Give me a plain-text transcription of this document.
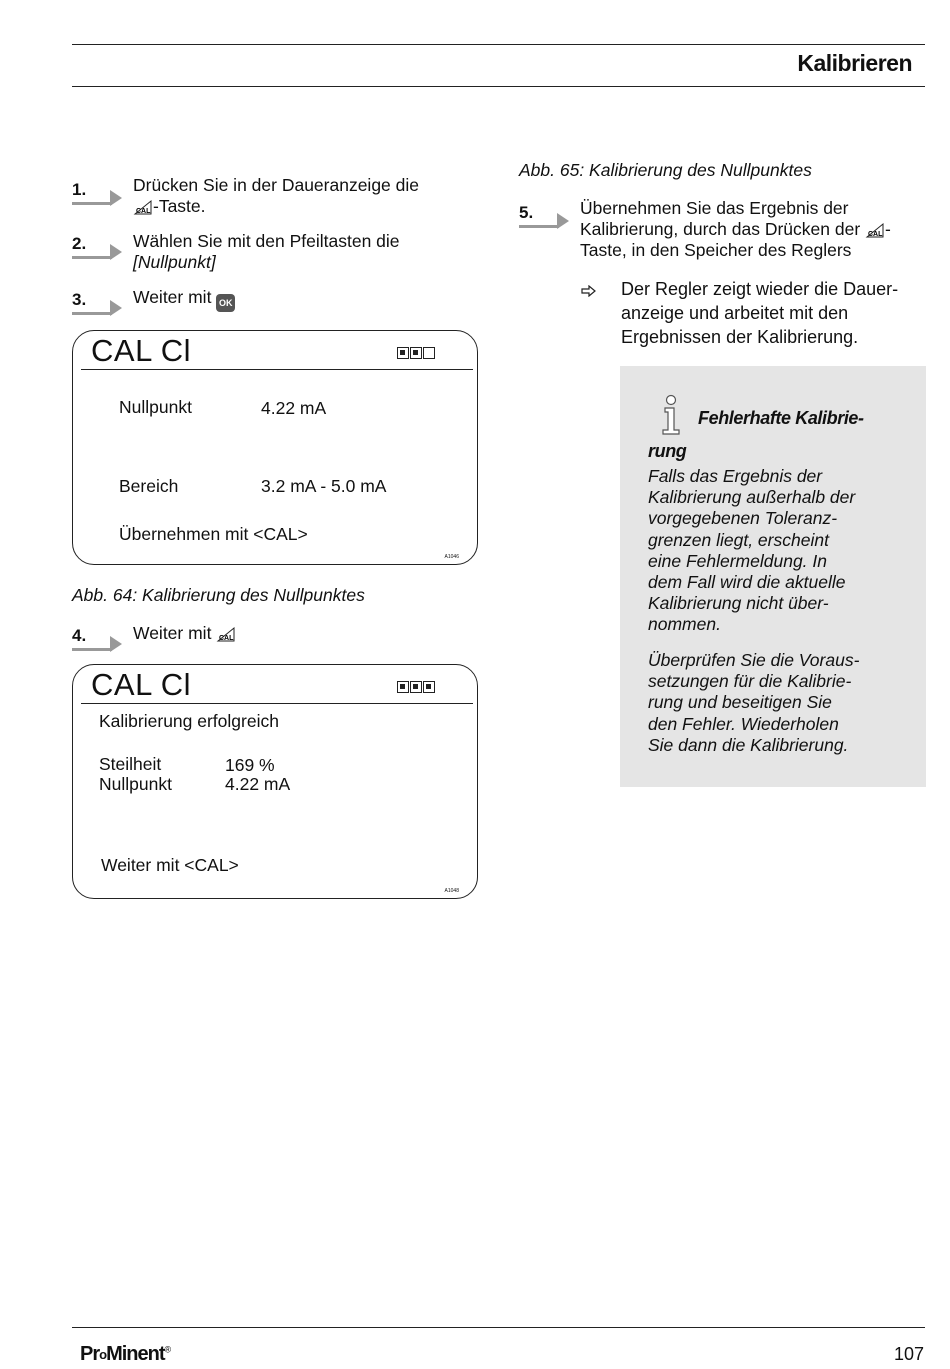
Kalibrieren
1.	Drücken Sie in der Daueranzeige die

CAL -Taste.
2.	Wählen Sie mit den Pfeiltasten die
[Nullpunkt]
3.	Weiter mit OK
CAL Cl
Nullpunkt	4.22 mA
Bereich	3.2 mA - 5.0 mA
Übernehmen mit <CAL>
A1046
Abb. 64: Kalibrierung des Nullpunktes
4.	Weiter mit CAL
CAL Cl
Kalibrierung erfolgreich
Steilheit	169 %
Nullpunkt	4.22 mA
Weiter mit <CAL>
A1048
Abb. 65: Kalibrierung des Nullpunktes
5.	Übernehmen Sie das Ergebnis der
Kalibrierung, durch das Drücken der CAL -
Taste, in den Speicher des Reglers
Der Regler zeigt wieder die Dauer-
anzeige und arbeitet mit den
Ergebnissen der Kalibrierung.
Fehlerhafte Kalibrie-
rung
Falls das Ergebnis der
Kalibrierung außerhalb der
vorgegebenen Toleranz-
grenzen liegt, erscheint
eine Fehlermeldung. In
dem Fall wird die aktuelle
Kalibrierung nicht über-
nommen.
Überprüfen Sie die Voraus-
setzungen für die Kalibrie-
rung und beseitigen Sie
den Fehler. Wiederholen
Sie dann die Kalibrierung.
ProMinent®	107
